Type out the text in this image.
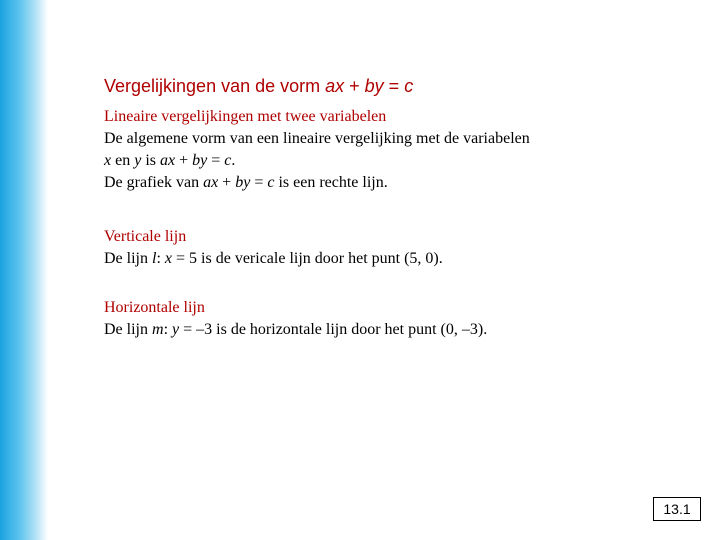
Vergelijkingen van de vorm ax + by = c
Lineaire vergelijkingen met twee variabelen
De algemene vorm van een lineaire vergelijking met de variabelen
x en y is ax + by = c.
De grafiek van ax + by = c is een rechte lijn.
Verticale lijn
De lijn l: x = 5 is de vericale lijn door het punt (5, 0).
Horizontale lijn
De lijn m: y = –3 is de horizontale lijn door het punt (0, –3).
13.1
